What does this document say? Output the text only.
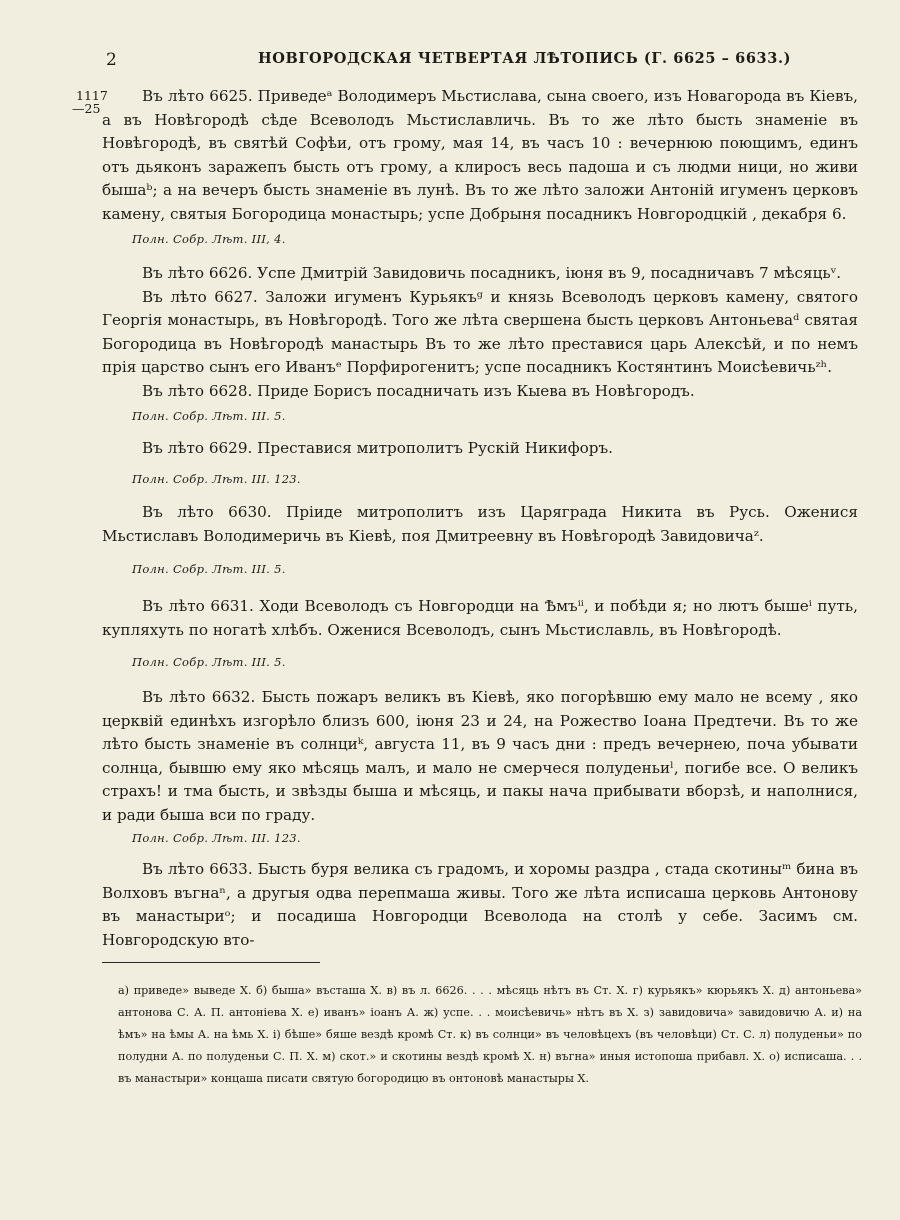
2	НОВГОРОДСКАЯ ЧЕТВЕРТАЯ ЛѢТОПИСЬ (Г. 6625 – 6633.)
1117
—25

Въ лѣто 6625. Приведеᵃ Володимеръ Мьстислава, сына своего, изъ Новагорода въ Кіевъ, а въ Новѣгородѣ сѣде Всеволодъ Мьстиславличь. Въ то же лѣто бысть знаменіе въ Новѣгородѣ, въ святѣй Софѣи, отъ грому, мая 14, въ часъ 10 : вечернюю поющимъ, единъ отъ дьяконъ заражепъ бысть отъ грому, а клиросъ весь падоша и съ людми ници, но живи бышаᵇ; а на вечеръ бысть знаменіе въ лунѣ. Въ то же лѣто заложи Антоній игуменъ церковъ камену, святыя Богородица монастырь; успе Добрыня посадникъ Новгородцкій , декабря 6.

Полн. Собр. Лѣт. III, 4.

Въ лѣто 6626. Успе Дмитрій Завидовичь посадникъ, іюня въ 9, посадничавъ 7 мѣсяцьᵛ.

Въ лѣто 6627. Заложи игуменъ Курьякъᵍ и князь Всеволодъ церковъ камену, святого Георгія монастырь, въ Новѣгородѣ. Того же лѣта свершена бысть церковъ Антоньеваᵈ святая Богородица въ Новѣгородѣ манастырь Въ то же лѣто преставися царь Алексѣй, и по немъ прія царство сынъ его Иванъᵉ Порфирогенитъ; успе посадникъ Костянтинъ Моисѣевичьᶻʰ.

Въ лѣто 6628. Приде Борисъ посадничать изъ Кыева въ Новѣгородъ.

Полн. Собр. Лѣт. III. 5.

Въ лѣто 6629. Преставися митрополитъ Рускій Никифоръ.

Полн. Собр. Лѣт. III. 123.

Въ лѣто 6630. Пріиде митрополитъ изъ Царяграда Никита въ Русь. Оженися Мьстиславъ Володимеричь въ Кіевѣ, поя Дмитреевну въ Новѣгородѣ Завидовичаᶻ.

Полн. Собр. Лѣт. III. 5.

Въ лѣто 6631. Ходи Всеволодъ съ Новгородци на Ѣмъⁱⁱ, и побѣди я; но лютъ бышеⁱ путь, купляхуть по ногатѣ хлѣбъ. Оженися Всеволодъ, сынъ Мьстиславль, въ Новѣгородѣ.

Полн. Собр. Лѣт. III. 5.

Въ лѣто 6632. Бысть пожаръ великъ въ Кіевѣ, яко погорѣвшю ему мало не всему , яко церквій единѣхъ изгорѣло близъ 600, іюня 23 и 24, на Рожество Іоана Предтечи. Въ то же лѣто бысть знаменіе въ солнциᵏ, августа 11, въ 9 часъ дни : предъ вечернею, поча убывати солнца, бывшю ему яко мѣсяць малъ, и мало не смерчеся полуденьиˡ, погибе все. О великъ страхъ! и тма бысть, и звѣзды быша и мѣсяць, и пакы нача прибывати вборзѣ, и наполнися, и ради быша вси по граду.

Полн. Собр. Лѣт. III. 123.

Въ лѣто 6633. Бысть буря велика съ градомъ, и хоромы раздра , стада скотиныᵐ бина въ Волховъ въгнаⁿ, а другыя одва перепмаша живы. Того же лѣта исписаша церковь Антонову въ манастыриᵒ; и посадиша Новгородци Всеволода на столѣ у себе. Засимъ см. Новгородскую вто-

а) приведе» выведе Х. б) быша» въсташа Х. в) въ л. 6626. . . . мѣсяць нѣтъ въ Ст. Х. г) курьякъ» кюрьякъ Х. д) антоньева» антонова С. А. П. антоніева Х. е) иванъ» іоанъ А. ж) успе. . . моисѣевичь» нѣтъ въ Х. з) завидовича» завидовичю А. и) на ѣмъ» на ѣмы А. на ѣмь Х. і) бѣше» бяше вездѣ кромѣ Ст. к) въ солнци» въ человѣцехъ (въ человѣци) Ст. С. л) полуденьи» по полудни А. по полуденьи С. П. Х. м) скот.» и скотины вездѣ кромѣ Х. н) въгна» иныя истопоша прибавл. Х. о) исписаша. . . въ манастыри» концаша писати святую богородицю въ онтоновѣ манастыры Х.
